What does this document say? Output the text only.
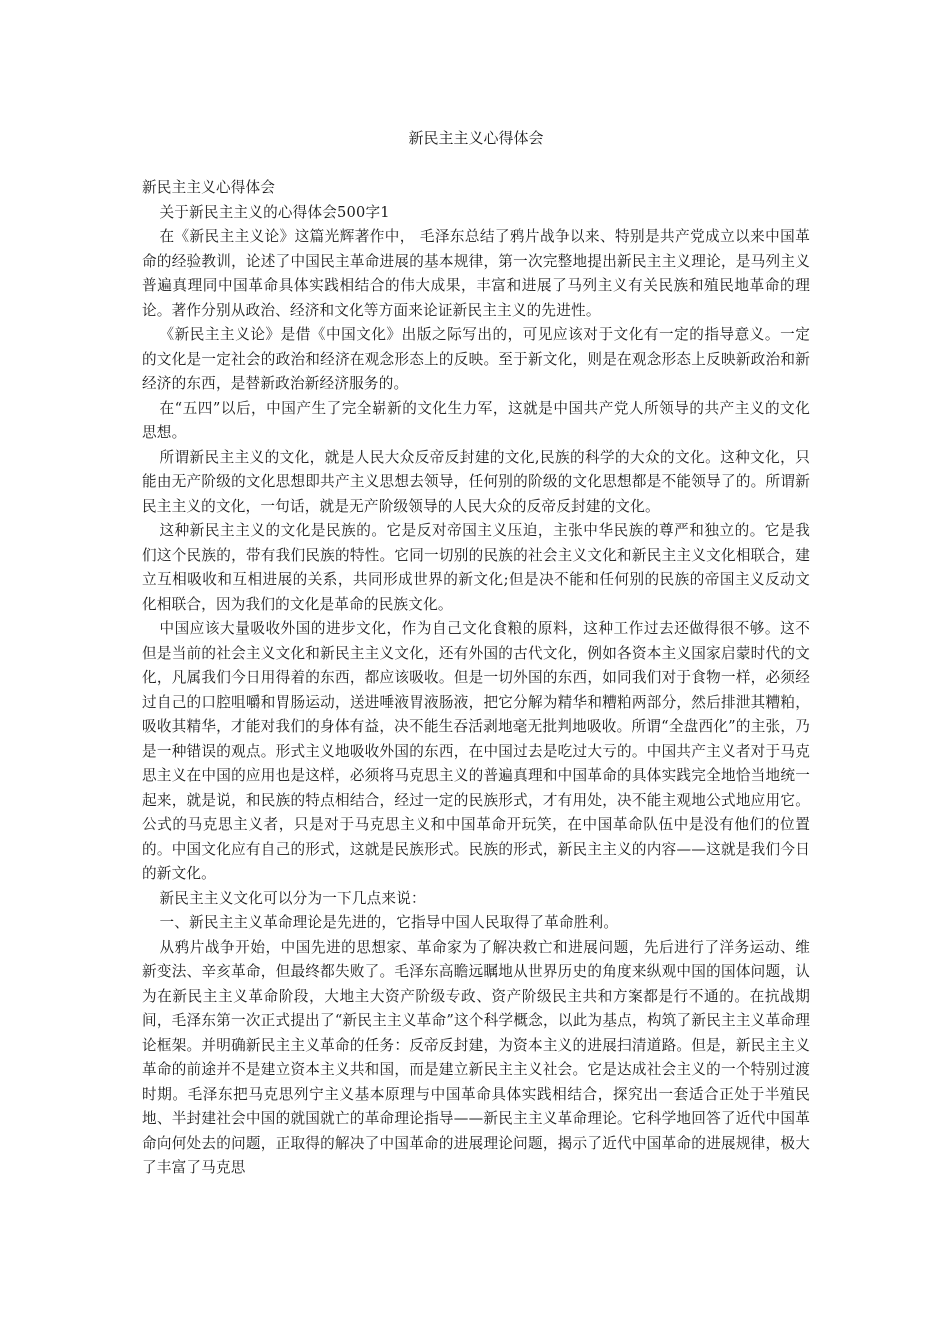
新民主主义心得体会

新民主主义心得体会

关于新民主主义的心得体会500字1

在《新民主主义论》这篇光辉著作中， 毛泽东总结了鸦片战争以来、特别是共产党成立以来中国革命的经验教训，论述了中国民主革命进展的基本规律，第一次完整地提出新民主主义理论，是马列主义普遍真理同中国革命具体实践相结合的伟大成果，丰富和进展了马列主义有关民族和殖民地革命的理论。著作分别从政治、经济和文化等方面来论证新民主主义的先进性。

《新民主主义论》是借《中国文化》出版之际写出的，可见应该对于文化有一定的指导意义。一定的文化是一定社会的政治和经济在观念形态上的反映。至于新文化，则是在观念形态上反映新政治和新经济的东西，是替新政治新经济服务的。

在“五四”以后，中国产生了完全崭新的文化生力军，这就是中国共产党人所领导的共产主义的文化思想。

所谓新民主主义的文化，就是人民大众反帝反封建的文化,民族的科学的大众的文化。这种文化，只能由无产阶级的文化思想即共产主义思想去领导，任何别的阶级的文化思想都是不能领导了的。所谓新民主主义的文化，一句话，就是无产阶级领导的人民大众的反帝反封建的文化。

这种新民主主义的文化是民族的。它是反对帝国主义压迫，主张中华民族的尊严和独立的。它是我们这个民族的，带有我们民族的特性。它同一切别的民族的社会主义文化和新民主主义文化相联合，建立互相吸收和互相进展的关系，共同形成世界的新文化;但是决不能和任何别的民族的帝国主义反动文化相联合，因为我们的文化是革命的民族文化。

中国应该大量吸收外国的进步文化，作为自己文化食粮的原料，这种工作过去还做得很不够。这不但是当前的社会主义文化和新民主主义文化，还有外国的古代文化，例如各资本主义国家启蒙时代的文化，凡属我们今日用得着的东西，都应该吸收。但是一切外国的东西，如同我们对于食物一样，必须经过自己的口腔咀嚼和胃肠运动，送进唾液胃液肠液，把它分解为精华和糟粕两部分，然后排泄其糟粕，吸收其精华，才能对我们的身体有益，决不能生吞活剥地毫无批判地吸收。所谓“全盘西化”的主张，乃是一种错误的观点。形式主义地吸收外国的东西，在中国过去是吃过大亏的。中国共产主义者对于马克思主义在中国的应用也是这样，必须将马克思主义的普遍真理和中国革命的具体实践完全地恰当地统一起来，就是说，和民族的特点相结合，经过一定的民族形式，才有用处，决不能主观地公式地应用它。公式的马克思主义者，只是对于马克思主义和中国革命开玩笑，在中国革命队伍中是没有他们的位置的。中国文化应有自己的形式，这就是民族形式。民族的形式，新民主主义的内容——这就是我们今日的新文化。

新民主主义文化可以分为一下几点来说：

一、新民主主义革命理论是先进的，它指导中国人民取得了革命胜利。

从鸦片战争开始，中国先进的思想家、革命家为了解决救亡和进展问题，先后进行了洋务运动、维新变法、辛亥革命，但最终都失败了。毛泽东高瞻远瞩地从世界历史的角度来纵观中国的国体问题，认为在新民主主义革命阶段，大地主大资产阶级专政、资产阶级民主共和方案都是行不通的。在抗战期间，毛泽东第一次正式提出了“新民主主义革命”这个科学概念，以此为基点，构筑了新民主主义革命理论框架。并明确新民主主义革命的任务：反帝反封建，为资本主义的进展扫清道路。但是，新民主主义革命的前途并不是建立资本主义共和国，而是建立新民主主义社会。它是达成社会主义的一个特别过渡时期。毛泽东把马克思列宁主义基本原理与中国革命具体实践相结合，探究出一套适合正处于半殖民地、半封建社会中国的就国就亡的革命理论指导——新民主主义革命理论。它科学地回答了近代中国革命向何处去的问题，正取得的解决了中国革命的进展理论问题，揭示了近代中国革命的进展规律，极大了丰富了马克思
